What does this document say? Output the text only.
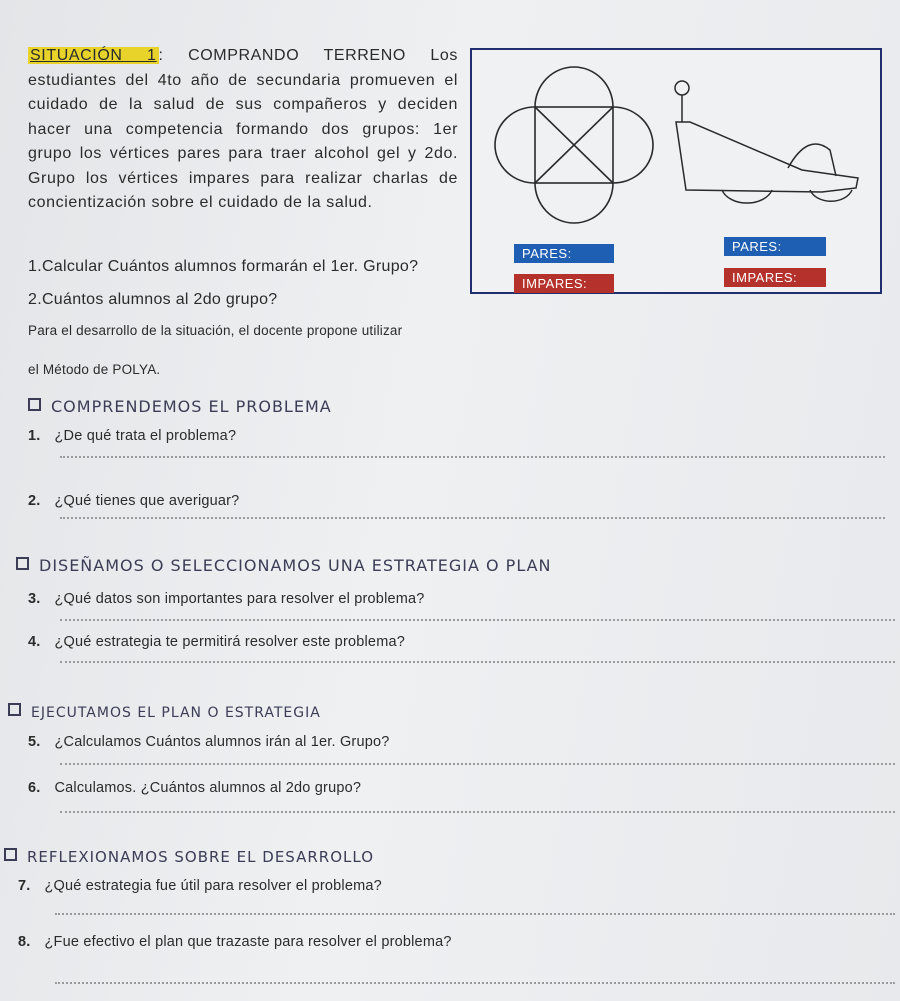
SITUACIÓN 1 : COMPRANDO TERRENO Los estudiantes del 4to año de secundaria promueven el cuidado de la salud de sus compañeros y deciden hacer una competencia formando dos grupos: 1er grupo los vértices pares para traer alcohol gel y 2do. Grupo los vértices impares para realizar charlas de concientización sobre el cuidado de la salud.
1.Calcular Cuántos alumnos formarán el 1er. Grupo?
2.Cuántos alumnos al 2do grupo?
Para el desarrollo de la situación, el docente propone utilizar
el Método de POLYA.
PARES:
IMPARES:
PARES:
IMPARES:
COMPRENDEMOS EL PROBLEMA
1. ¿De qué trata el problema?
2. ¿Qué tienes que averiguar?
DISEÑAMOS O SELECCIONAMOS UNA ESTRATEGIA O PLAN
3. ¿Qué datos son importantes para resolver el problema?
4. ¿Qué estrategia te permitirá resolver este problema?
EJECUTAMOS EL PLAN O ESTRATEGIA
5. ¿Calculamos Cuántos alumnos irán al 1er. Grupo?
6. Calculamos. ¿Cuántos alumnos al 2do grupo?
REFLEXIONAMOS SOBRE EL DESARROLLO
7. ¿Qué estrategia fue útil para resolver el problema?
8. ¿Fue efectivo el plan que trazaste para resolver el problema?
